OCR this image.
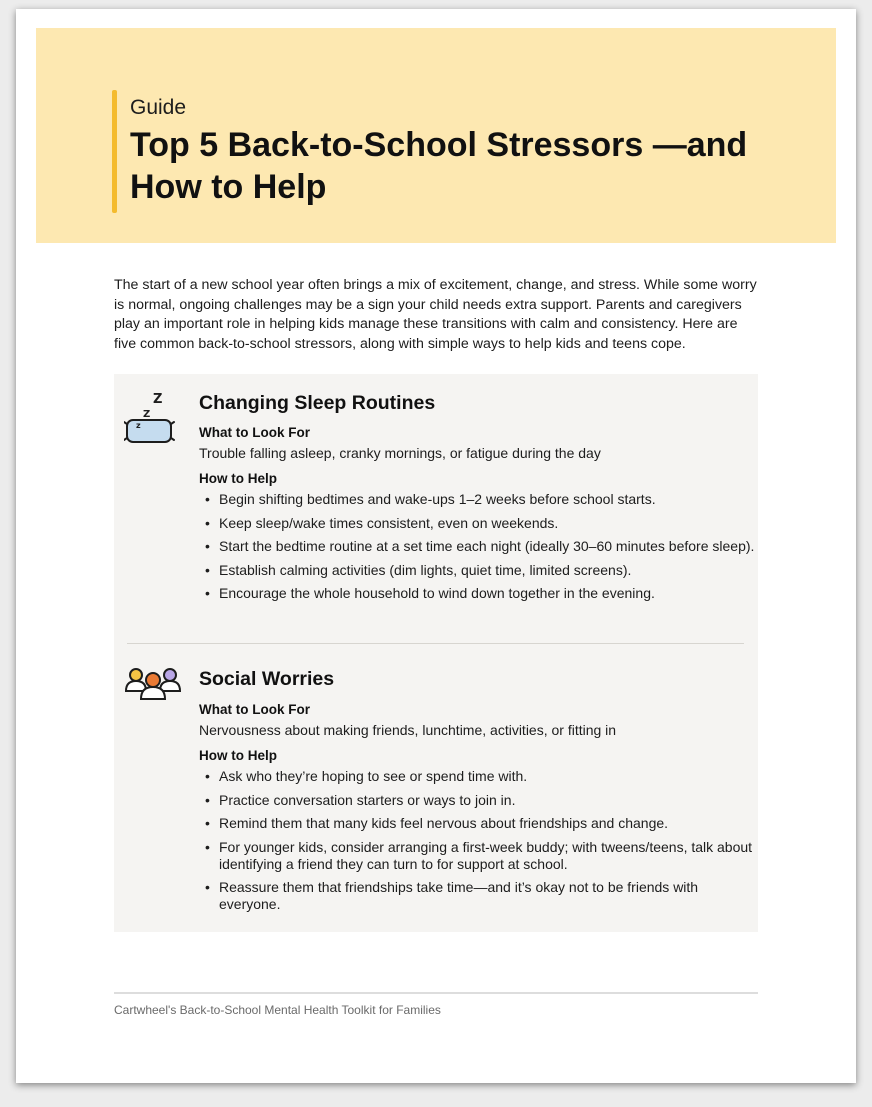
Guide
Top 5 Back-to-School Stressors —and How to Help

The start of a new school year often brings a mix of excitement, change, and stress. While some worry is normal, ongoing challenges may be a sign your child needs extra support. Parents and caregivers play an important role in helping kids manage these transitions with calm and consistency. Here are five common back-to-school stressors, along with simple ways to help kids and teens cope.

Z
Z
z
Changing Sleep Routines
What to Look For
Trouble falling asleep, cranky mornings, or fatigue during the day
How to Help
• Begin shifting bedtimes and wake-ups 1–2 weeks before school starts.
• Keep sleep/wake times consistent, even on weekends.
• Start the bedtime routine at a set time each night (ideally 30–60 minutes before sleep).
• Establish calming activities (dim lights, quiet time, limited screens).
• Encourage the whole household to wind down together in the evening.
Social Worries
What to Look For
Nervousness about making friends, lunchtime, activities, or fitting in
How to Help
• Ask who they’re hoping to see or spend time with.
• Practice conversation starters or ways to join in.
• Remind them that many kids feel nervous about friendships and change.
• For younger kids, consider arranging a first-week buddy; with tweens/teens, talk about identifying a friend they can turn to for support at school.
• Reassure them that friendships take time—and it’s okay not to be friends with everyone.
Cartwheel's Back-to-School Mental Health Toolkit for Families
